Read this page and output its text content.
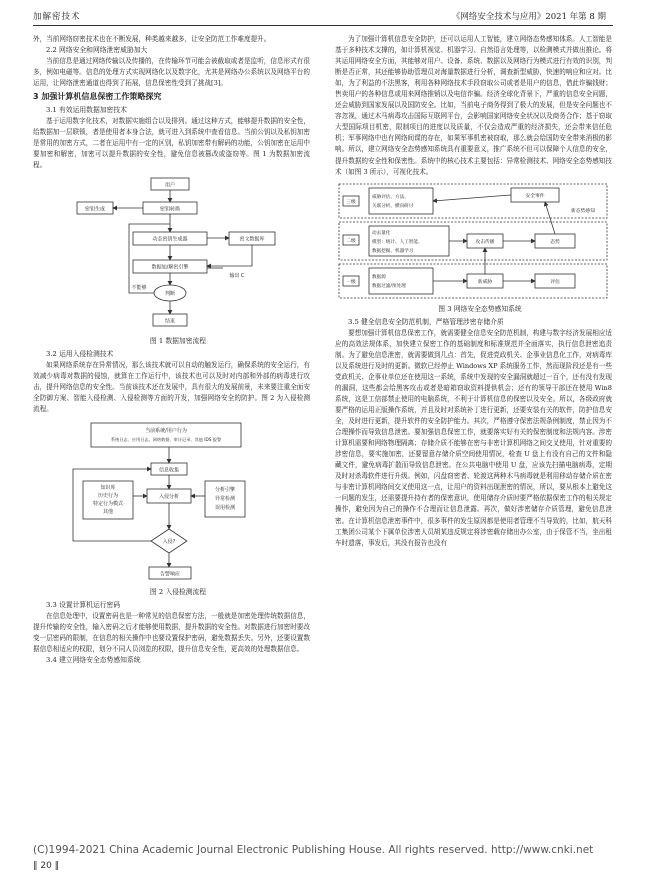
加解密技术	《网络安全技术与应用》2021 年第 8 期

外，当前网络窃密技术也在不断发展，种类越来越多，让安全防范工作难度提升。

2.2 网络安全和网络泄密威胁加大

当前信息是通过网络传输以及传播的，在传输环节可能会被截取或者是监听，信息形式有很多，例如电磁等。信息的处理方式实现网络化以及数字化，尤其是网络办公系统以及网络平台的运用，让网络泄密通道也得到了拓展，信息保密性受到了挑战[3]。

3 加强计算机信息保密工作策略探究
3.1 有效运用数据加密技术

基于运用数字化技术，对数据实施组合以及排列。通过这种方式，能够提升数据的安全性，给数据加一层联锁，者是使用者本身合法，就可进入到系统中查看信息。当前公钥以及私钥加密是常用的加密方式，二者在运用中有一定的区别，私钥加密带有解码的功能，公钥加密在运用中要加密和解密，加密可以提升数据的安全性，避免信息被篡改或盗窃等。图 1 为数据加密流程。

用户
密钥生成	密钥转换
动态密钥生成器	密文数据库
数据加/解密引擎
输出 C
判断
结束
不能够

图 1 数据加密流程

3.2 运用入侵检测技术

如果网络系统存在异常情况，那么该技术就可以自动的触发运行，确保系统的安全运行，有效减少病毒对数据的侵蚀，就算在工作运行中，该技术也可以及时对内部和外部的病毒进行攻击，提升网络信息的安全性。当前该技术还在发展中，具有很大的发展前景，未来要注重全面安全防御方案、智能入侵检测、入侵检测等方面的开发，加强网络安全的防护。图 2 为入侵检测流程。

当前系统/用户行为
系统日志、应用日志、网络数据、审计记录、其他 IDS 报警
信息收集
知识库
历史行为
特定行为模式
其他
入侵分析
分析引擎
异常检测
误用检测
入侵?
告警响应

图 2 入侵检测流程

3.3 设置计算机运行密码

在信息处理中，设置密码也是一种常见的信息保密方法，一般就是加密处理传统数据信息，提升传输的安全性，输入密码之后才能够使用数据，提升数据的安全性。对数据进行加密时要改变一层密码的限制，在信息的相关操作中也要设置保护密码，避免数据丢失。另外，还要设置数据信息相适应的权限，划分不同人员浏览的权限，提升信息安全性，更高效的处理数据信息。

3.4 建立网络安全态势感知系统

为了加强计算机信息安全防护，还可以运用人工智能，建立网络态势感知体系。人工智能是基于多种技术支撑的，如计算机视觉、机器学习、自然语言处理等，以检测模式并做出推论。将其运用网络安全方面，其能够对用户、设备、系统、数据以及网络行为模式进行有效的识别，判断是否正常，其还能够协助管理员对海量数据进行分析，调查新型威胁，快速的响应和应对。比如，为了利益的不法黑客，利用各种网络技术手段窃取公司或者是用户的信息，借此诈骗钱财；售卖用户的各种信息或用来网络推销以及电信诈骗。经济全球化背景下，严重的信息安全问题，还会威胁到国家发展以及国防安全。比如，当前电子商务得到了极大的发展，但是安全问题也不容忽视，通过木马病毒攻击国际互联网平台，会影响国家网络安全状况以及商务合作；基于窃取大型国际项目机密，限制项目的进度以及质量，不仅会造成严重的经济损失，还会带来信任危机；军事网络中也有网络间谍的存在，如果军事机密被窃取，那么就会给国防安全带来消极的影响。所以，建立网络安全态势感知系统具有重要意义，推广系统不但可以保障个人信息的安全，提升数据的安全性和保密性。系统中的核心技术主要包括：异常检测技术、网络安全态势感知技术（如图 3 所示），可视化技术。

三级
二级
一级
威胁评估、方法、
关联分析、横向研讨
动去量化
模型：统计、人工智能、
数据挖掘、机器学习
数据源
数据过滤/预处理
安全事件
攻击传播	态势
新威胁	评估
新态势感知

图 3 网络安全态势感知系统

3.5 健全信息安全防范机制，严格管理涉密存储介质

要想加强计算机信息保密工作，就需要健全信息安全防范机制，构建与数字经济发展相应适应的高效法规体系，加快建立保密工作的基础制度和标准规范并全面落实，执行信息泄密追责制。为了避免信息泄密，就需要做到几点：首先，促进党政机关、企事业信息化工作，对病毒库以及系统进行及时的更新。微软已经停止 Windows XP 系统服务工作，然而现阶段还是有一些党政机关、企事业单位还在使用这一系统，系统中发现的安全漏洞就超过一百个，还有没有发现的漏洞，这些都会给黑客攻击或者是暗箱窃取资料提供机会；还有的领导干部还在使用 Win8 系统，这是工信部禁止使用的电脑系统，不利于计算机信息的保密以及安全。所以，各级政府就要严格的运用正版操作系统，并且及时对系统补丁进行更新，还要安装有关的软件，防护信息安全，及时进行更新，提升软件的安全防护能力。其次，严格遵守保密法规条例制度，禁止因为不合理操作而导致信息泄密。要加强信息保密工作，就要落实好有关的保密制度和法规内容。涉密计算机需要和网络物理隔离；存储介质不能够在密与非密计算机网络之间交叉使用，针对重要的涉密信息，要实施加密，还要留意存储介质空间使用情况，检查 U 盘上有没有自己的文件和隐藏文件，避免病毒扩散而导致信息泄密。在公共电脑中使用 U 盘，应该先扫描电脑病毒，定期及时对杀毒软件进行升级。例如，闪盘窃密者、轮渡这两种木马病毒就是利用移动存储介质在密与非密计算机网络间交叉使用这一点，让用户的资料出现泄密的情况，所以，要从根本上避免这一问题的发生，还需要提升持有者的保密意识，使用储存介质时要严格依据保密工作的相关规定操作，避免因为自己的操作不合理而让信息泄露。再次，做好涉密储存介质管理，避免信息泄密。在计算机信息泄密事件中，很多事件的发生原因都是使用者管理不当导致的，比如，航天科工集团公司某个下属单位涉密人员胡某违反规定将涉密载存储出办公室，由于保管不当，坐出租车时遗落，事发后，其没有报告也没有

(C)1994-2021 China Academic Journal Electronic Publishing House. All rights reserved. http://www.cnki.net
‖ 20 ‖
